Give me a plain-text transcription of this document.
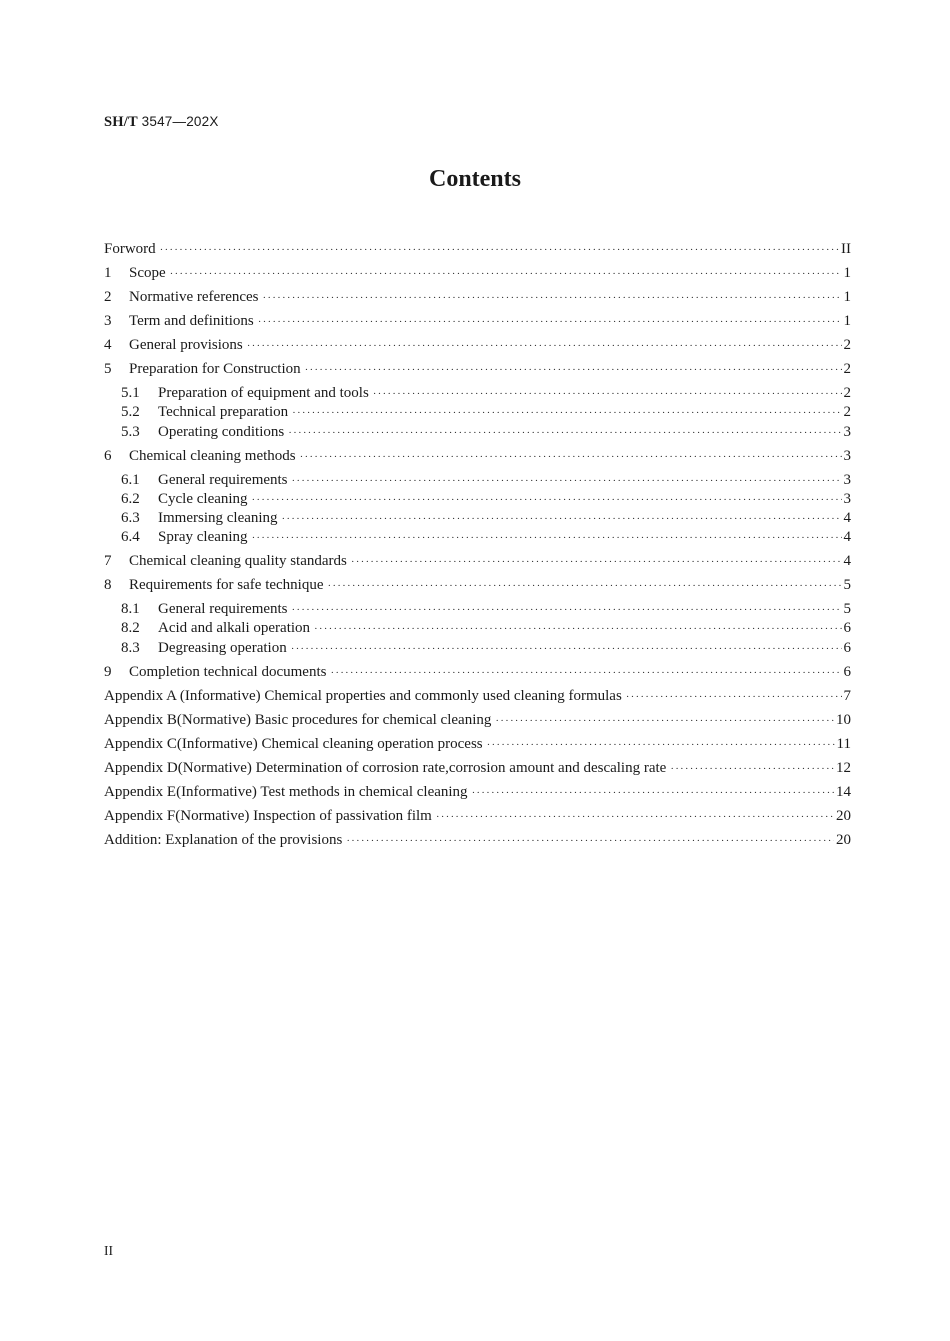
SH/T 3547—202X
Contents
Forword ·····	II
1	Scope ·····	1
2	Normative references ·····	1
3	Term and definitions ·····	1
4	General provisions ·····	2
5	Preparation for Construction ·····	2
5.1	Preparation of equipment and tools ·····	2
5.2	Technical preparation ·····	2
5.3	Operating conditions ·····	3
6	Chemical cleaning methods ·····	3
6.1	General requirements ·····	3
6.2	Cycle cleaning ·····	3
6.3	Immersing cleaning ·····	4
6.4	Spray cleaning ·····	4
7	Chemical cleaning quality standards ·····	4
8	Requirements for safe technique ·····	5
8.1	General requirements ·····	5
8.2	Acid and alkali operation ·····	6
8.3	Degreasing operation ·····	6
9	Completion technical documents ·····	6
Appendix A (Informative) Chemical properties and commonly used cleaning formulas ·····	7
Appendix B(Normative) Basic procedures for chemical cleaning ·····	10
Appendix C(Informative) Chemical cleaning operation process ·····	11
Appendix D(Normative) Determination of corrosion rate,corrosion amount and descaling rate ·····	12
Appendix E(Informative) Test methods in chemical cleaning ·····	14
Appendix F(Normative) Inspection of passivation film ·····	20
Addition: Explanation of the provisions ·····	20
II
